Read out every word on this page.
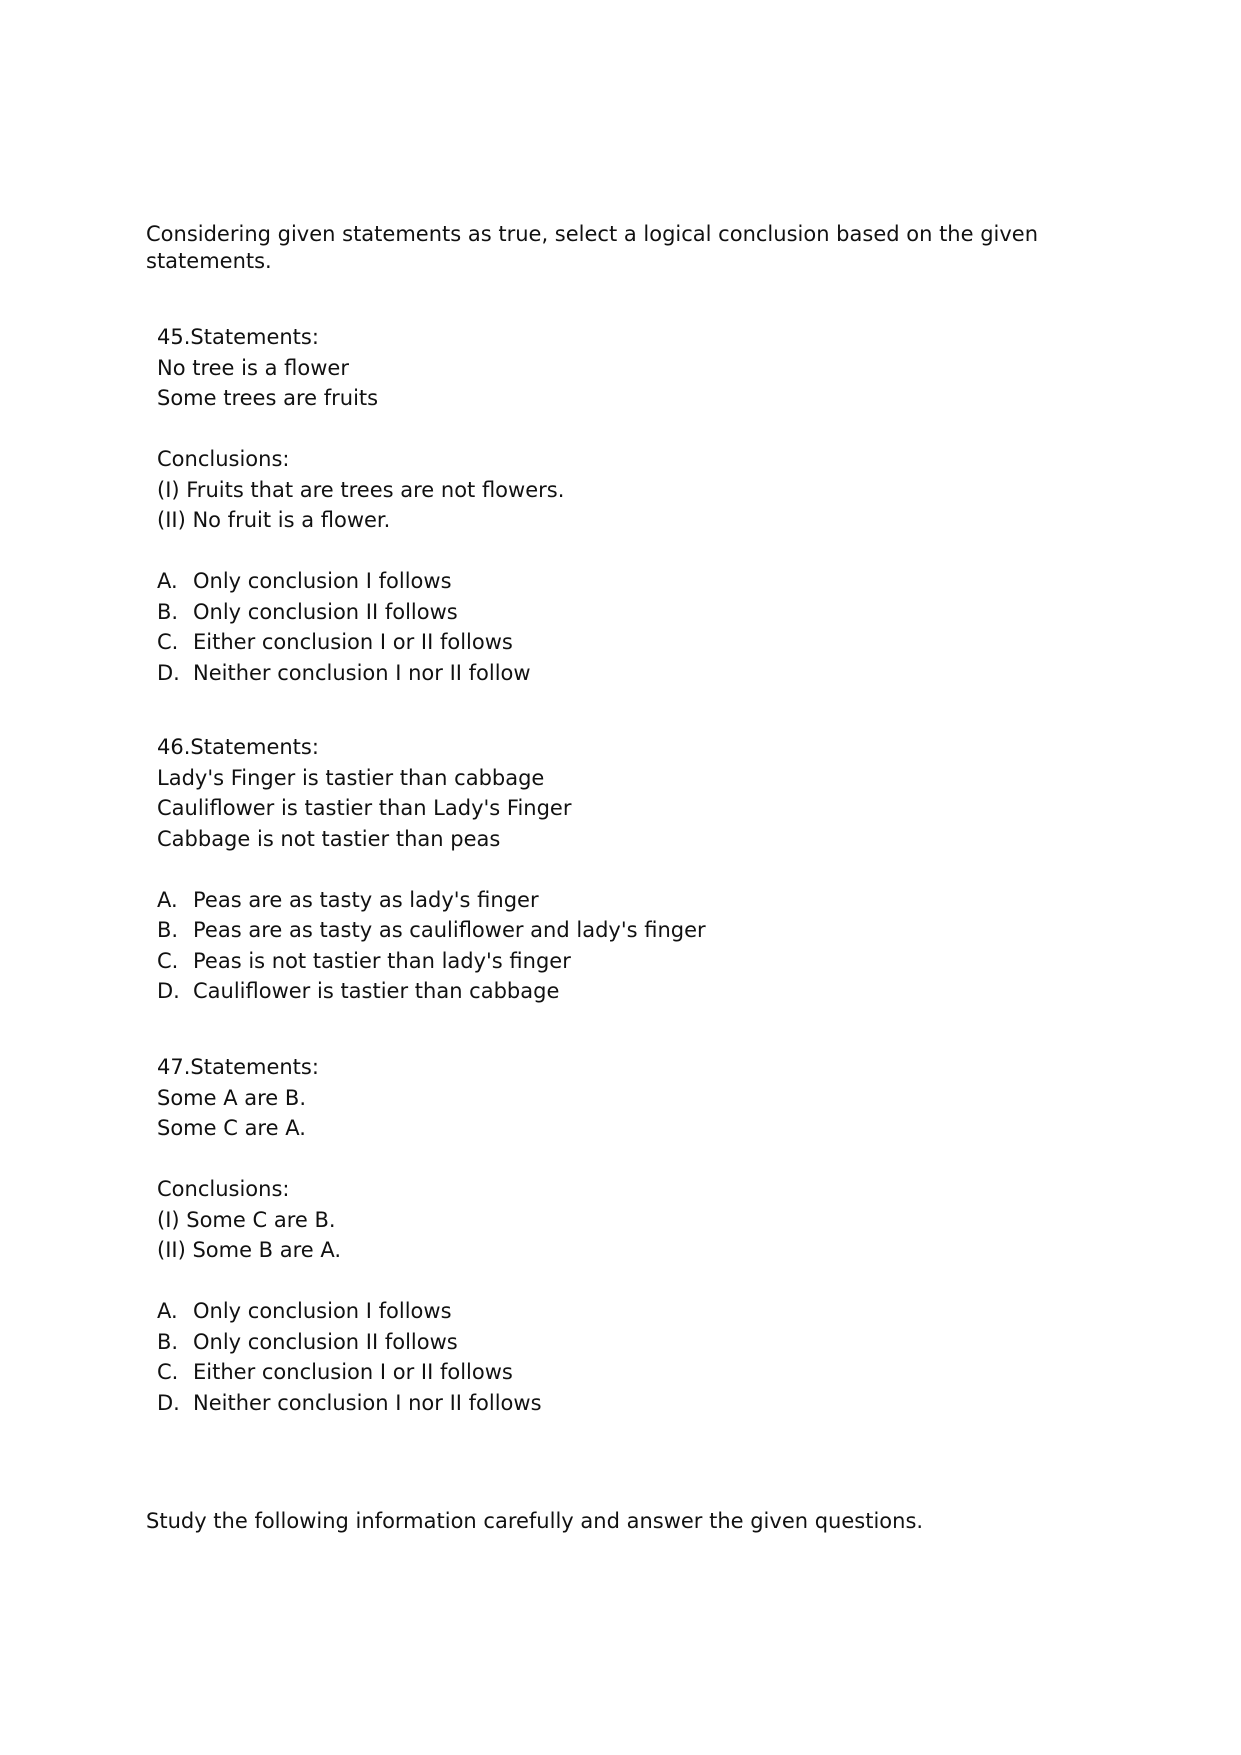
Considering given statements as true, select a logical conclusion based on the given statements.

45.Statements:
No tree is a flower
Some trees are fruits
Conclusions:
(I) Fruits that are trees are not flowers.
(II) No fruit is a flower.
A. Only conclusion I follows
B. Only conclusion II follows
C. Either conclusion I or II follows
D. Neither conclusion I nor II follow
46.Statements:
Lady's Finger is tastier than cabbage
Cauliflower is tastier than Lady's Finger
Cabbage is not tastier than peas
A. Peas are as tasty as lady's finger
B. Peas are as tasty as cauliflower and lady's finger
C. Peas is not tastier than lady's finger
D. Cauliflower is tastier than cabbage
47.Statements:
Some A are B.
Some C are A.
Conclusions:
(I) Some C are B.
(II) Some B are A.
A. Only conclusion I follows
B. Only conclusion II follows
C. Either conclusion I or II follows
D. Neither conclusion I nor II follows

Study the following information carefully and answer the given questions.
